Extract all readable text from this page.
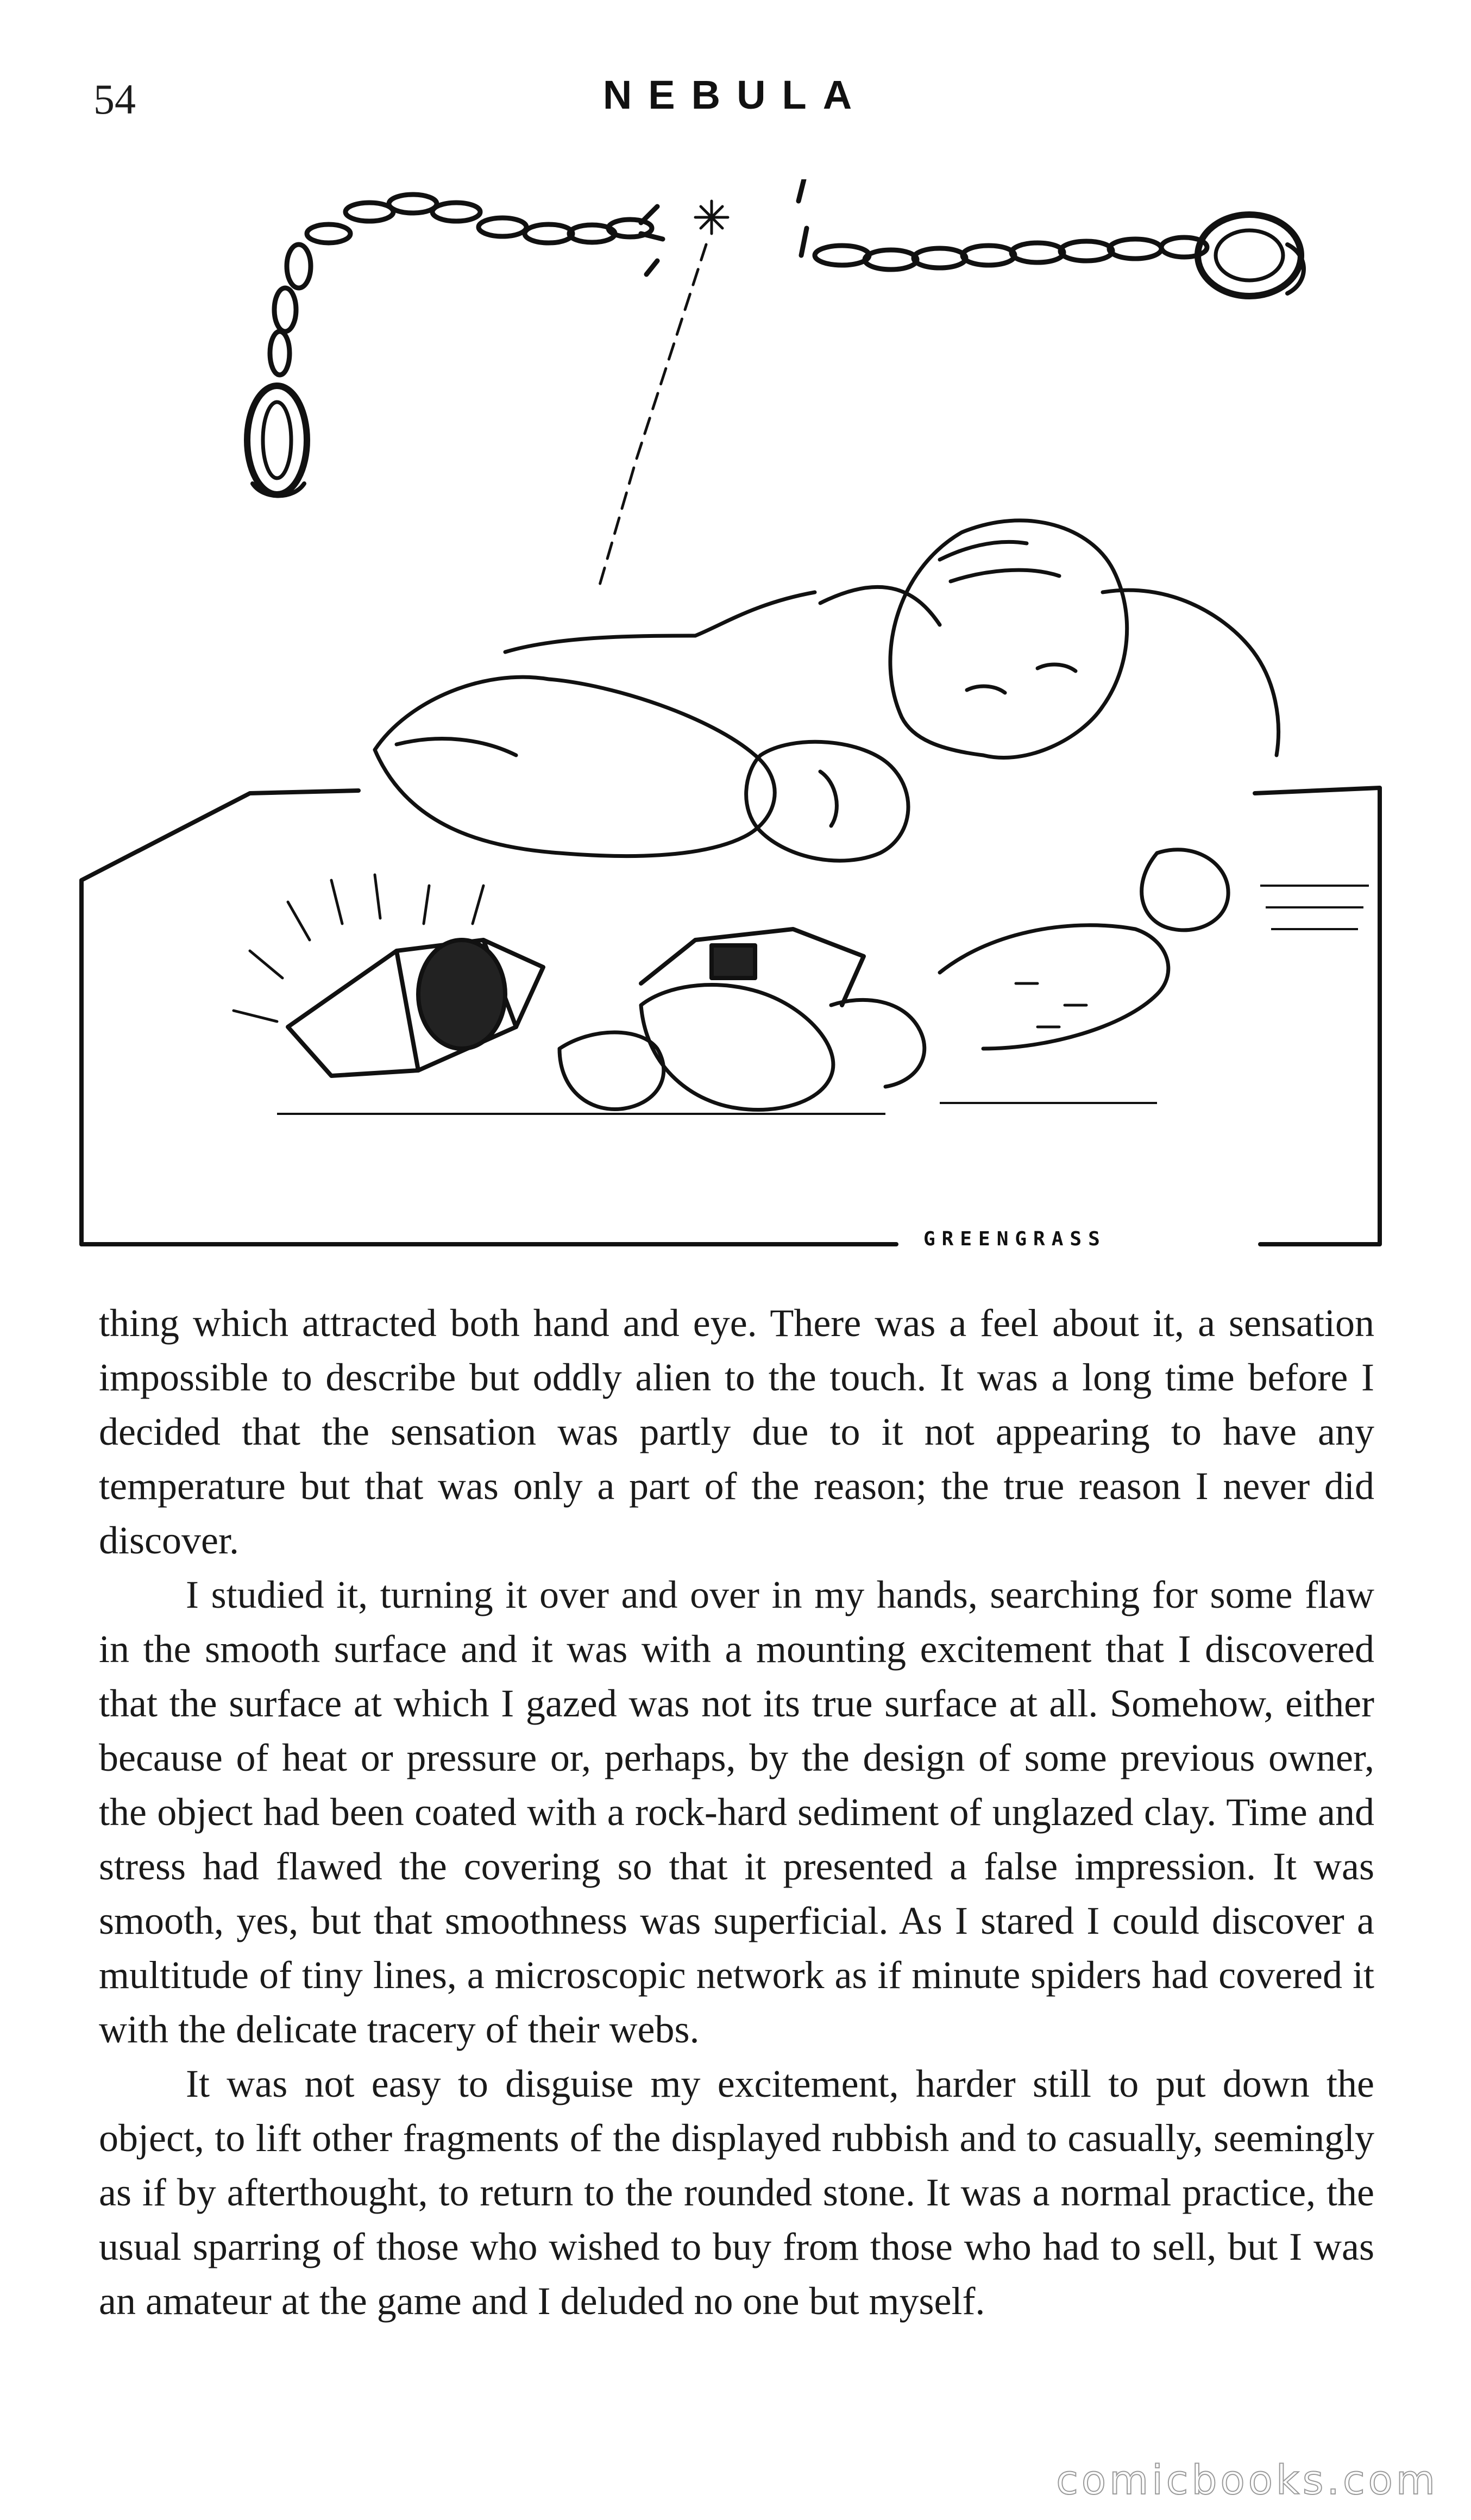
54	NEBULA
GREENGRASS

thing which attracted both hand and eye. There was a feel about it, a sensation impossible to describe but oddly alien to the touch. It was a long time before I decided that the sensation was partly due to it not appearing to have any temperature but that was only a part of the reason; the true reason I never did discover.

I studied it, turning it over and over in my hands, searching for some flaw in the smooth surface and it was with a mounting excitement that I discovered that the surface at which I gazed was not its true surface at all. Somehow, either because of heat or pressure or, perhaps, by the design of some previous owner, the object had been coated with a rock-hard sediment of unglazed clay. Time and stress had flawed the covering so that it presented a false impression. It was smooth, yes, but that smoothness was superficial. As I stared I could discover a multitude of tiny lines, a microscopic network as if minute spiders had covered it with the delicate tracery of their webs.

It was not easy to disguise my excitement, harder still to put down the object, to lift other fragments of the displayed rubbish and to casually, seemingly as if by afterthought, to return to the rounded stone. It was a normal practice, the usual sparring of those who wished to buy from those who had to sell, but I was an amateur at the game and I deluded no one but myself.

comicbooks.com
